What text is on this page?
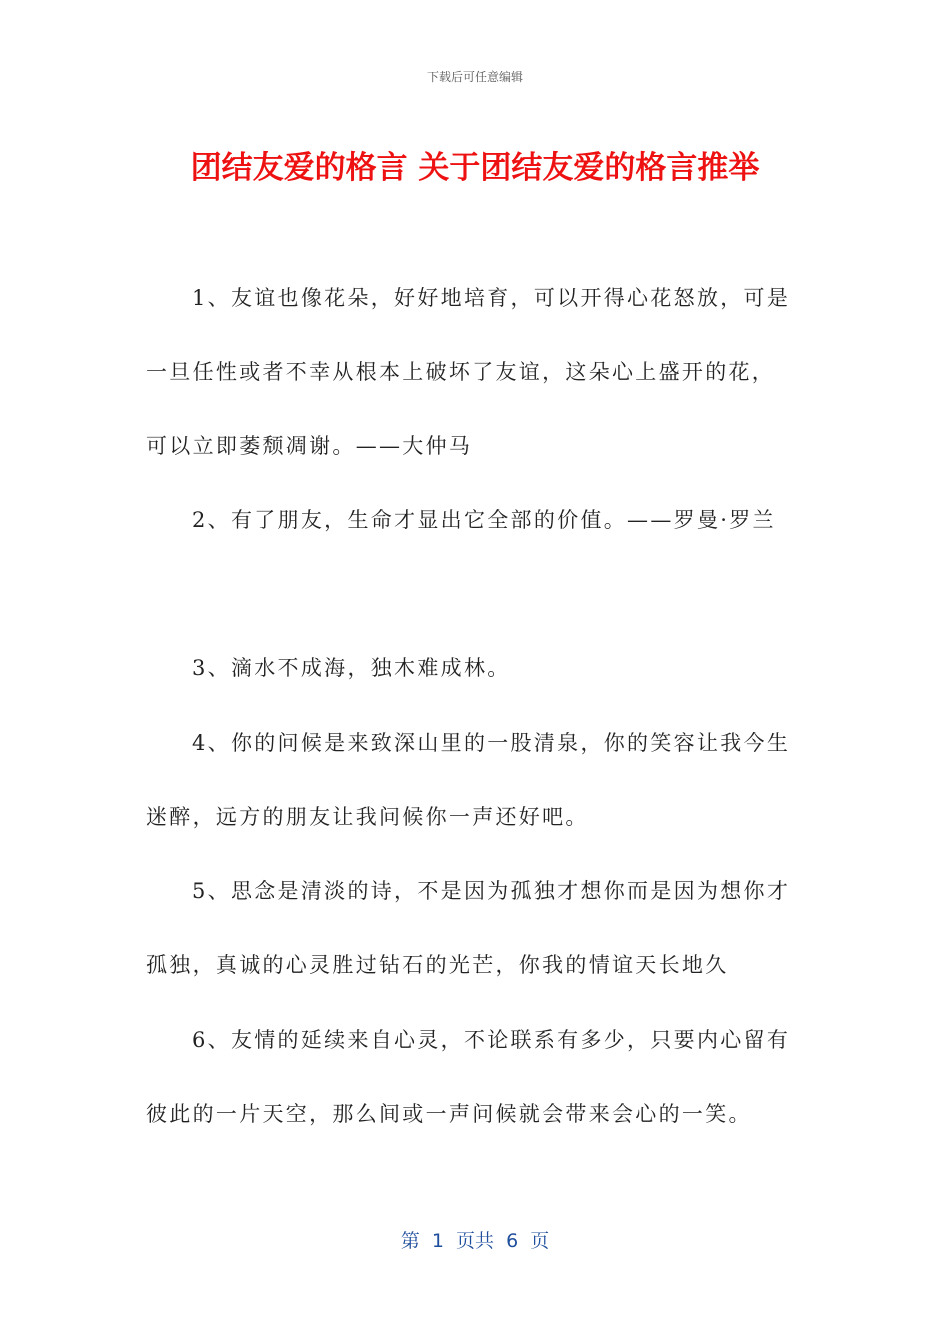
下载后可任意编辑
团结友爱的格言 关于团结友爱的格言推举
1、友谊也像花朵，好好地培育，可以开得心花怒放，可是
一旦任性或者不幸从根本上破坏了友谊，这朵心上盛开的花，
可以立即萎颓凋谢。——大仲马
2、有了朋友，生命才显出它全部的价值。——罗曼·罗兰
3、滴水不成海，独木难成林。
4、你的问候是来致深山里的一股清泉，你的笑容让我今生
迷醉，远方的朋友让我问候你一声还好吧。
5、思念是清淡的诗，不是因为孤独才想你而是因为想你才
孤独，真诚的心灵胜过钻石的光芒，你我的情谊天长地久
6、友情的延续来自心灵，不论联系有多少，只要内心留有
彼此的一片天空，那么间或一声问候就会带来会心的一笑。
第  1  页共  6  页
